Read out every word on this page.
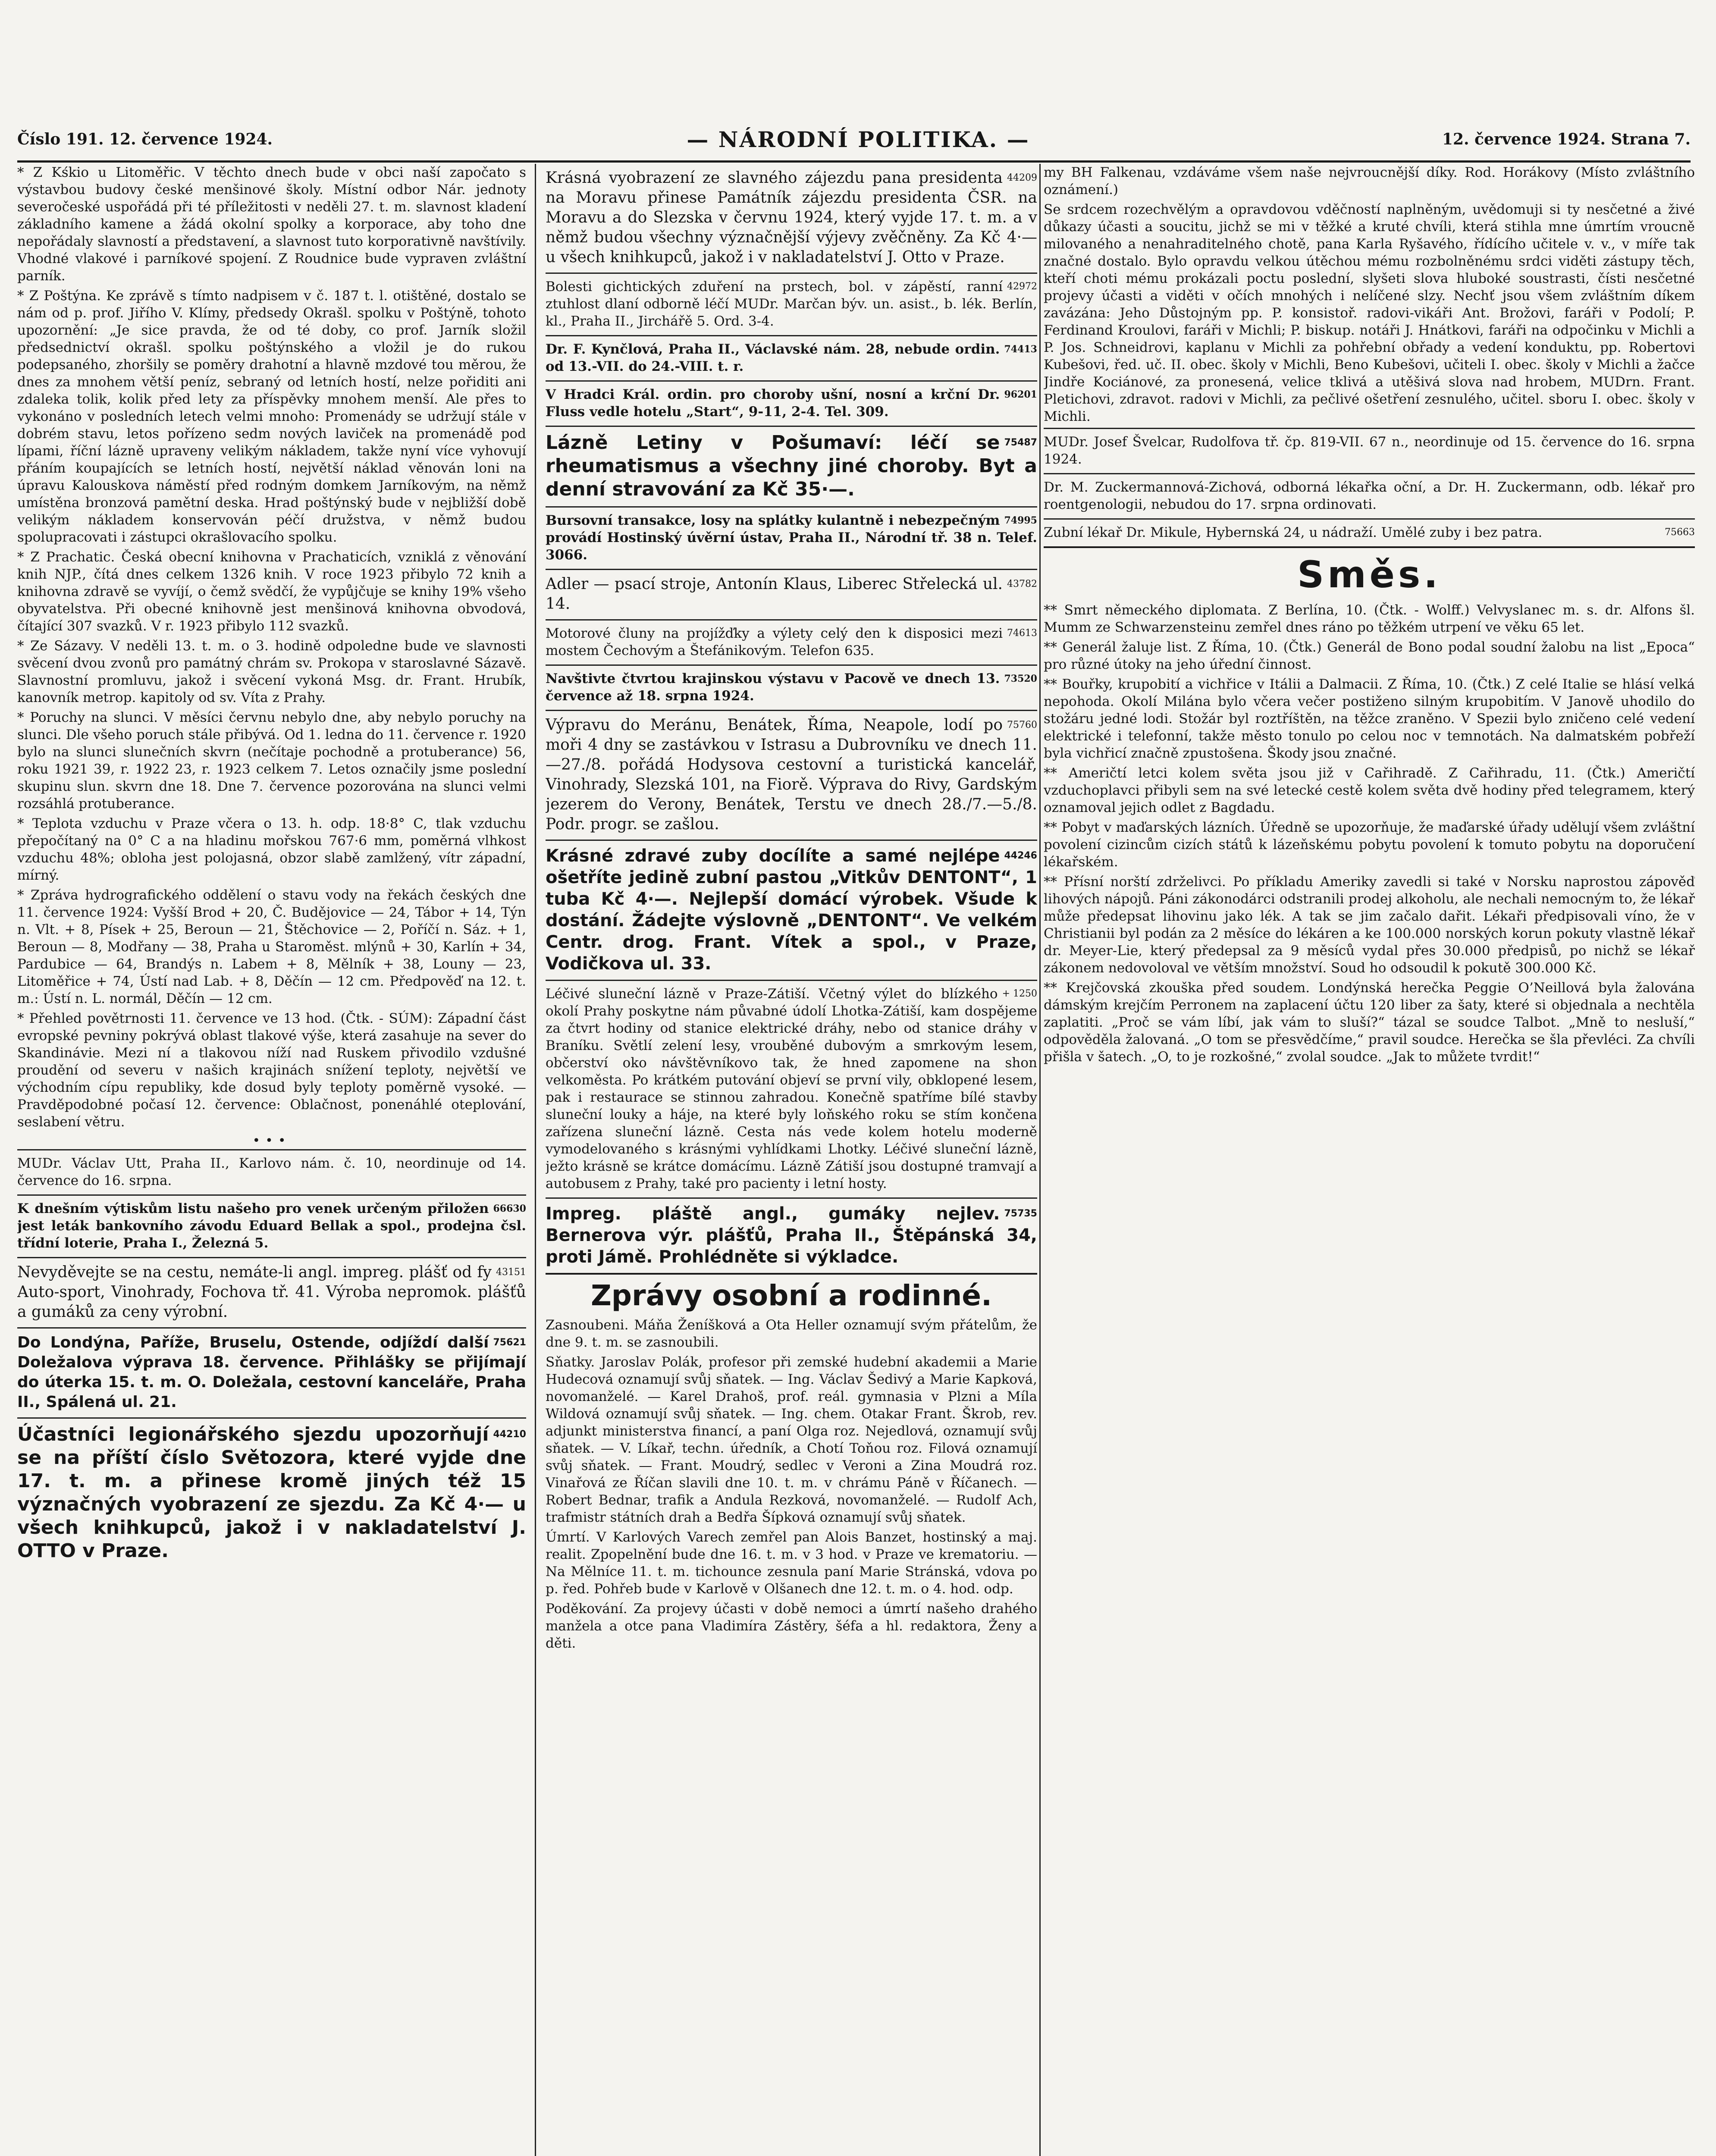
Číslo 191. 12. července 1924.	— NÁRODNÍ POLITIKA. —	12. července 1924. Strana 7.

* Z Kśkio u Litoměřic. V těchto dnech bude v obci naší započato s výstavbou budovy české menšinové školy. Místní odbor Nár. jednoty severočeské uspořádá při té příležitosti v neděli 27. t. m. slavnost kladení základního kamene a žádá okolní spolky a korporace, aby toho dne nepořádaly slavností a představení, a slavnost tuto korporativně navštívily. Vhodné vlakové i parníkové spojení. Z Roudnice bude vypraven zvláštní parník.

* Z Poštýna. Ke zprávě s tímto nadpisem v č. 187 t. l. otištěné, dostalo se nám od p. prof. Jiřího V. Klímy, předsedy Okrašl. spolku v Poštýně, tohoto upozornění: „Je sice pravda, že od té doby, co prof. Jarník složil předsednictví okrašl. spolku poštýnského a vložil je do rukou podepsaného, zhoršily se poměry drahotní a hlavně mzdové tou měrou, že dnes za mnohem větší peníz, sebraný od letních hostí, nelze pořiditi ani zdaleka tolik, kolik před lety za příspěvky mnohem menší. Ale přes to vykonáno v posledních letech velmi mnoho: Promenády se udržují stále v dobrém stavu, letos pořízeno sedm nových laviček na promenádě pod lípami, říční lázně upraveny velikým nákladem, takže nyní více vyhovují přáním koupajících se letních hostí, největší náklad věnován loni na úpravu Kalouskova náměstí před rodným domkem Jarníkovým, na němž umístěna bronzová pamětní deska. Hrad poštýnský bude v nejbližší době velikým nákladem konservován péčí družstva, v němž budou spolupracovati i zástupci okrašlovacího spolku.

* Z Prachatic. Česká obecní knihovna v Prachaticích, vzniklá z věnování knih NJP., čítá dnes celkem 1326 knih. V roce 1923 přibylo 72 knih a knihovna zdravě se vyvíjí, o čemž svědčí, že vypůjčuje se knihy 19% všeho obyvatelstva. Při obecné knihovně jest menšinová knihovna obvodová, čítající 307 svazků. V r. 1923 přibylo 112 svazků.

* Ze Sázavy. V neděli 13. t. m. o 3. hodině odpoledne bude ve slavnosti svěcení dvou zvonů pro památný chrám sv. Prokopa v staroslavné Sázavě. Slavnostní promluvu, jakož i svěcení vykoná Msg. dr. Frant. Hrubík, kanovník metrop. kapitoly od sv. Víta z Prahy.

* Poruchy na slunci. V měsíci červnu nebylo dne, aby nebylo poruchy na slunci. Dle všeho poruch stále přibývá. Od 1. ledna do 11. července r. 1920 bylo na slunci slunečních skvrn (nečítaje pochodně a protuberance) 56, roku 1921 39, r. 1922 23, r. 1923 celkem 7. Letos označily jsme poslední skupinu slun. skvrn dne 18. Dne 7. července pozorována na slunci velmi rozsáhlá protuberance.

* Teplota vzduchu v Praze včera o 13. h. odp. 18·8° C, tlak vzduchu přepočítaný na 0° C a na hladinu mořskou 767·6 mm, poměrná vlhkost vzduchu 48%; obloha jest polojasná, obzor slabě zamlžený, vítr západní, mírný.

* Zpráva hydrografického oddělení o stavu vody na řekách českých dne 11. července 1924: Vyšší Brod + 20, Č. Budějovice — 24, Tábor + 14, Týn n. Vlt. + 8, Písek + 25, Beroun — 21, Štěchovice — 2, Poříčí n. Sáz. + 1, Beroun — 8, Modřany — 38, Praha u Staroměst. mlýnů + 30, Karlín + 34, Pardubice — 64, Brandýs n. Labem + 8, Mělník + 38, Louny — 23, Litoměřice + 74, Ústí nad Lab. + 8, Děčín — 12 cm. Předpověď na 12. t. m.: Ústí n. L. normál, Děčín — 12 cm.

* Přehled povětrnosti 11. července ve 13 hod. (Čtk. - SÚM): Západní část evropské pevniny pokrývá oblast tlakové výše, která zasahuje na sever do Skandinávie. Mezi ní a tlakovou níží nad Ruskem přivodilo vzdušné proudění od severu v našich krajinách snížení teploty, největší ve východním cípu republiky, kde dosud byly teploty poměrně vysoké. — Pravděpodobné počasí 12. července: Oblačnost, ponenáhlé oteplování, seslabení větru.

•••

MUDr. Václav Utt, Praha II., Karlovo nám. č. 10, neordinuje od 14. července do 16. srpna.

66630
K dnešním výtiskům listu našeho pro venek určeným přiložen jest leták bankovního závodu Eduard Bellak a spol., prodejna čsl. třídní loterie, Praha I., Železná 5.

43151
Nevyděvejte se na cestu, nemáte-li angl. impreg. plášť od fy Auto-sport, Vinohrady, Fochova tř. 41. Výroba nepromok. plášťů a gumáků za ceny výrobní.

75621
Do Londýna, Paříže, Bruselu, Ostende, odjíždí další Doležalova výprava 18. července. Přihlášky se přijímají do úterka 15. t. m. O. Doležala, cestovní kanceláře, Praha II., Spálená ul. 21.

44210
Účastníci legionářského sjezdu upozorňují se na příští číslo Světozora, které vyjde dne 17. t. m. a přinese kromě jiných též 15 význačných vyobrazení ze sjezdu. Za Kč 4·— u všech knihkupců, jakož i v nakladatelství J. OTTO v Praze.

44209
Krásná vyobrazení ze slavného zájezdu pana presidenta na Moravu přinese Památník zájezdu presidenta ČSR. na Moravu a do Slezska v červnu 1924, který vyjde 17. t. m. a v němž budou všechny význačnější výjevy zvěčněny. Za Kč 4·— u všech knihkupců, jakož i v nakladatelství J. Otto v Praze.

42972
Bolesti gichtických zduření na prstech, bol. v zápěstí, ranní ztuhlost dlaní odborně léčí MUDr. Marčan býv. un. asist., b. lék. Berlín, kl., Praha II., Jirchářě 5. Ord. 3-4.

74413
Dr. F. Kynčlová, Praha II., Václavské nám. 28, nebude ordin. od 13.-VII. do 24.-VIII. t. r.

96201
V Hradci Král. ordin. pro choroby ušní, nosní a krční Dr. Fluss vedle hotelu „Start“, 9-11, 2-4. Tel. 309.

75487
Lázně Letiny v Pošumaví: léčí se rheumatismus a všechny jiné choroby. Byt a denní stravování za Kč 35·—.

74995
Bursovní transakce, losy na splátky kulantně i nebezpečným provádí Hostinský úvěrní ústav, Praha II., Národní tř. 38 n. Telef. 3066.

43782
Adler — psací stroje, Antonín Klaus, Liberec Střelecká ul. 14.

74613
Motorové čluny na projížďky a výlety celý den k disposici mezi mostem Čechovým a Štefánikovým. Telefon 635.

73520
Navštivte čtvrtou krajinskou výstavu v Pacově ve dnech 13. července až 18. srpna 1924.

75760
Výpravu do Meránu, Benátek, Říma, Neapole, lodí po moři 4 dny se zastávkou v Istrasu a Dubrovníku ve dnech 11.—27./8. pořádá Hodysova cestovní a turistická kancelář, Vinohrady, Slezská 101, na Fiorě. Výprava do Rivy, Gardským jezerem do Verony, Benátek, Terstu ve dnech 28./7.—5./8. Podr. progr. se zašlou.

44246
Krásné zdravé zuby docílíte a samé nejlépe ošetříte jedině zubní pastou „Vitkův DENTONT“, 1 tuba Kč 4·—. Nejlepší domácí výrobek. Všude k dostání. Žádejte výslovně „DENTONT“. Ve velkém Centr. drog. Frant. Vítek a spol., v Praze, Vodičkova ul. 33.

+ 1250
Léčivé sluneční lázně v Praze-Zátiší. Včetný výlet do blízkého okolí Prahy poskytne nám půvabné údolí Lhotka-Zátiší, kam dospějeme za čtvrt hodiny od stanice elektrické dráhy, nebo od stanice dráhy v Braníku. Světlí zelení lesy, vrouběné dubovým a smrkovým lesem, občerství oko návštěvníkovo tak, že hned zapomene na shon velkoměsta. Po krátkém putování objeví se první vily, obklopené lesem, pak i restaurace se stinnou zahradou. Konečně spatříme bílé stavby sluneční louky a háje, na které byly loňského roku se stím končena zařízena sluneční lázně. Cesta nás vede kolem hotelu moderně vymodelovaného s krásnými vyhlídkami Lhotky. Léčivé sluneční lázně, ježto krásně se krátce domácímu. Lázně Zátiší jsou dostupné tramvají a autobusem z Prahy, také pro pacienty i letní hosty.

75735
Impreg. pláště angl., gumáky nejlev. Bernerova výr. plášťů, Praha II., Štěpánská 34, proti Jámě. Prohlédněte si výkladce.

Zprávy osobní a rodinné.

Zasnoubeni. Máňa Ženíšková a Ota Heller oznamují svým přátelům, že dne 9. t. m. se zasnoubili.

Sňatky. Jaroslav Polák, profesor při zemské hudební akademii a Marie Hudecová oznamují svůj sňatek. — Ing. Václav Šedivý a Marie Kapková, novomanželé. — Karel Drahoš, prof. reál. gymnasia v Plzni a Míla Wildová oznamují svůj sňatek. — Ing. chem. Otakar Frant. Škrob, rev. adjunkt ministerstva financí, a paní Olga roz. Nejedlová, oznamují svůj sňatek. — V. Líkař, techn. úředník, a Chotí Toňou roz. Filová oznamují svůj sňatek. — Frant. Moudrý, sedlec v Veroni a Zina Moudrá roz. Vinařová ze Říčan slavili dne 10. t. m. v chrámu Páně v Říčanech. — Robert Bednar, trafik a Andula Rezková, novomanželé. — Rudolf Ach, trafmistr státních drah a Bedřa Šípková oznamují svůj sňatek.

Úmrtí. V Karlových Varech zemřel pan Alois Banzet, hostinský a maj. realit. Zpopelnění bude dne 16. t. m. v 3 hod. v Praze ve krematoriu. — Na Mělníce 11. t. m. tichounce zesnula paní Marie Stránská, vdova po p. řed. Pohřeb bude v Karlově v Olšanech dne 12. t. m. o 4. hod. odp.

Poděkování. Za projevy účasti v době nemoci a úmrtí našeho drahého manžela a otce pana Vladimíra Zástěry, šéfa a hl. redaktora, Ženy a děti.

my BH Falkenau, vzdáváme všem naše nejvroucnější díky. Rod. Horákovy (Místo zvláštního oznámení.)

Se srdcem rozechvělým a opravdovou vděčností naplněným, uvědomuji si ty nesčetné a živé důkazy účasti a soucitu, jichž se mi v těžké a kruté chvíli, která stihla mne úmrtím vroucně milovaného a nenahraditelného chotě, pana Karla Ryšavého, řídícího učitele v. v., v míře tak značné dostalo. Bylo opravdu velkou útěchou mému rozbolněnému srdci viděti zástupy těch, kteří choti mému prokázali poctu poslední, slyšeti slova hluboké soustrasti, čísti nesčetné projevy účasti a viděti v očích mnohých i nelíčené slzy. Nechť jsou všem zvláštním díkem zavázána: Jeho Důstojným pp. P. konsistoř. radovi-vikáři Ant. Brožovi, faráři v Podolí; P. Ferdinand Kroulovi, faráři v Michli; P. biskup. notáři J. Hnátkovi, faráři na odpočinku v Michli a P. Jos. Schneidrovi, kaplanu v Michli za pohřební obřady a vedení konduktu, pp. Robertovi Kubešovi, řed. uč. II. obec. školy v Michli, Beno Kubešovi, učiteli I. obec. školy v Michli a žačce Jindře Kociánové, za pronesená, velice tklivá a utěšivá slova nad hrobem, MUDrn. Frant. Pletichovi, zdravot. radovi v Michli, za pečlivé ošetření zesnulého, učitel. sboru I. obec. školy v Michli.

MUDr. Josef Švelcar, Rudolfova tř. čp. 819-VII. 67 n., neordinuje od 15. července do 16. srpna 1924.

Dr. M. Zuckermannová-Zichová, odborná lékařka oční, a Dr. H. Zuckermann, odb. lékař pro roentgenologii, nebudou do 17. srpna ordinovati.

75663
Zubní lékař Dr. Mikule, Hybernská 24, u nádraží. Umělé zuby i bez patra.

Směs.

** Smrt německého diplomata. Z Berlína, 10. (Čtk. - Wolff.) Velvyslanec m. s. dr. Alfons šl. Mumm ze Schwarzensteinu zemřel dnes ráno po těžkém utrpení ve věku 65 let.

** Generál žaluje list. Z Říma, 10. (Čtk.) Generál de Bono podal soudní žalobu na list „Epoca“ pro různé útoky na jeho úřední činnost.

** Bouřky, krupobití a vichřice v Itálii a Dalmacii. Z Říma, 10. (Čtk.) Z celé Italie se hlásí velká nepohoda. Okolí Milána bylo včera večer postiženo silným krupobitím. V Janově uhodilo do stožáru jedné lodi. Stožár byl roztříštěn, na těžce zraněno. V Spezii bylo zničeno celé vedení elektrické i telefonní, takže město tonulo po celou noc v temnotách. Na dalmatském pobřeží byla vichřicí značně zpustošena. Škody jsou značné.

** Američtí letci kolem světa jsou již v Cařihradě. Z Cařihradu, 11. (Čtk.) Američtí vzduchoplavci přibyli sem na své letecké cestě kolem světa dvě hodiny před telegramem, který oznamoval jejich odlet z Bagdadu.

** Pobyt v maďarských lázních. Úředně se upozorňuje, že maďarské úřady udělují všem zvláštní povolení cizincům cizích států k lázeňskému pobytu povolení k tomuto pobytu na doporučení lékařském.

** Přísní norští zdrželivci. Po příkladu Ameriky zavedli si také v Norsku naprostou zápověď lihových nápojů. Páni zákonodárci odstranili prodej alkoholu, ale nechali nemocným to, že lékař může předepsat lihovinu jako lék. A tak se jim začalo dařit. Lékaři předpisovali víno, že v Christianii byl podán za 2 měsíce do lékáren a ke 100.000 norských korun pokuty vlastně lékař dr. Meyer-Lie, který předepsal za 9 měsíců vydal přes 30.000 předpisů, po nichž se lékař zákonem nedovoloval ve větším množství. Soud ho odsoudil k pokutě 300.000 Kč.

** Krejčovská zkouška před soudem. Londýnská herečka Peggie O’Neillová byla žalována dámským krejčím Perronem na zaplacení účtu 120 liber za šaty, které si objednala a nechtěla zaplatiti. „Proč se vám líbí, jak vám to sluší?“ tázal se soudce Talbot. „Mně to nesluší,“ odpověděla žalovaná. „O tom se přesvědčíme,“ pravil soudce. Herečka se šla převléci. Za chvíli přišla v šatech. „O, to je rozkošné,“ zvolal soudce. „Jak to můžete tvrdit!“
